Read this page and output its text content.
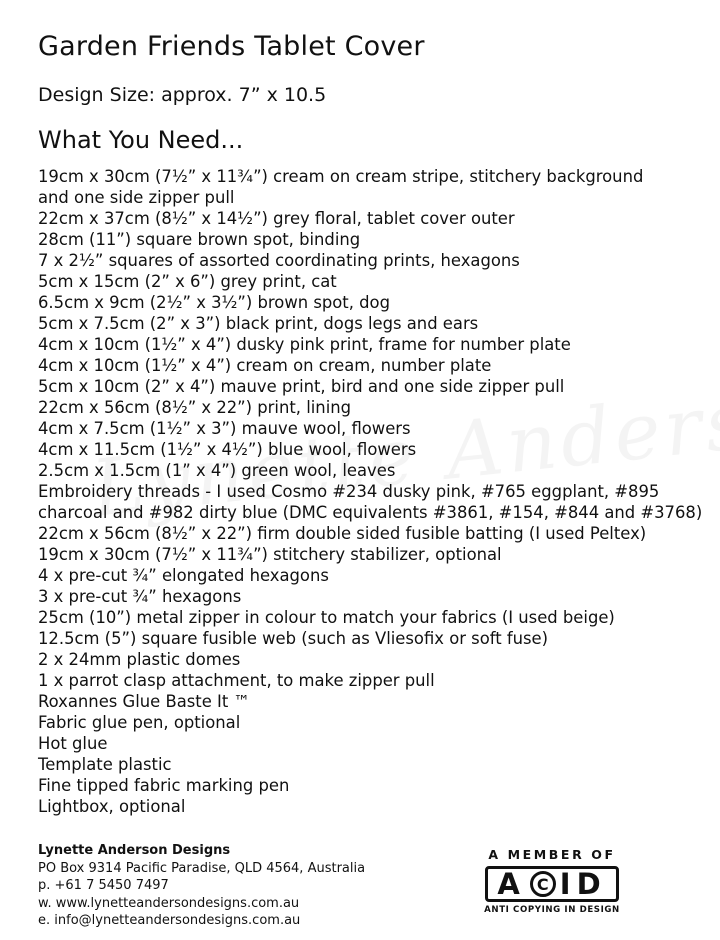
Garden Friends Tablet Cover
Design Size: approx. 7” x 10.5
What You Need...
19cm x 30cm (7½” x 11¾”) cream on cream stripe, stitchery background
and one side zipper pull
22cm x 37cm (8½” x 14½”) grey floral, tablet cover outer
28cm (11”) square brown spot, binding
7 x 2½” squares of assorted coordinating prints, hexagons
5cm x 15cm (2” x 6”) grey print, cat
6.5cm x 9cm (2½” x 3½”) brown spot, dog
5cm x 7.5cm (2” x 3”) black print, dogs legs and ears
4cm x 10cm (1½” x 4”) dusky pink print, frame for number plate
4cm x 10cm (1½” x 4”) cream on cream, number plate
5cm x 10cm (2” x 4”) mauve print, bird and one side zipper pull
22cm x 56cm (8½” x 22”) print, lining
4cm x 7.5cm (1½” x 3”) mauve wool, flowers
4cm x 11.5cm (1½” x 4½”) blue wool, flowers
2.5cm x 1.5cm (1” x 4”) green wool, leaves
Embroidery threads - I used Cosmo #234 dusky pink, #765 eggplant, #895
charcoal and #982 dirty blue (DMC equivalents #3861, #154, #844 and #3768)
22cm x 56cm (8½” x 22”) firm double sided fusible batting (I used Peltex)
19cm x 30cm (7½” x 11¾”) stitchery stabilizer, optional
4 x pre-cut ¾” elongated hexagons
3 x pre-cut ¾” hexagons
25cm (10”) metal zipper in colour to match your fabrics (I used beige)
12.5cm (5”) square fusible web (such as Vliesofix or soft fuse)
2 x 24mm plastic domes
1 x parrot clasp attachment, to make zipper pull
Roxannes Glue Baste It ™
Fabric glue pen, optional
Hot glue
Template plastic
Fine tipped fabric marking pen
Lightbox, optional
Lynette Anderson Designs
PO Box 9314 Pacific Paradise, QLD 4564, Australia
p. +61 7 5450 7497
w. www.lynetteandersondesigns.com.au
e. info@lynetteandersondesigns.com.au
A MEMBER OF
A C I D
ANTI COPYING IN DESIGN
